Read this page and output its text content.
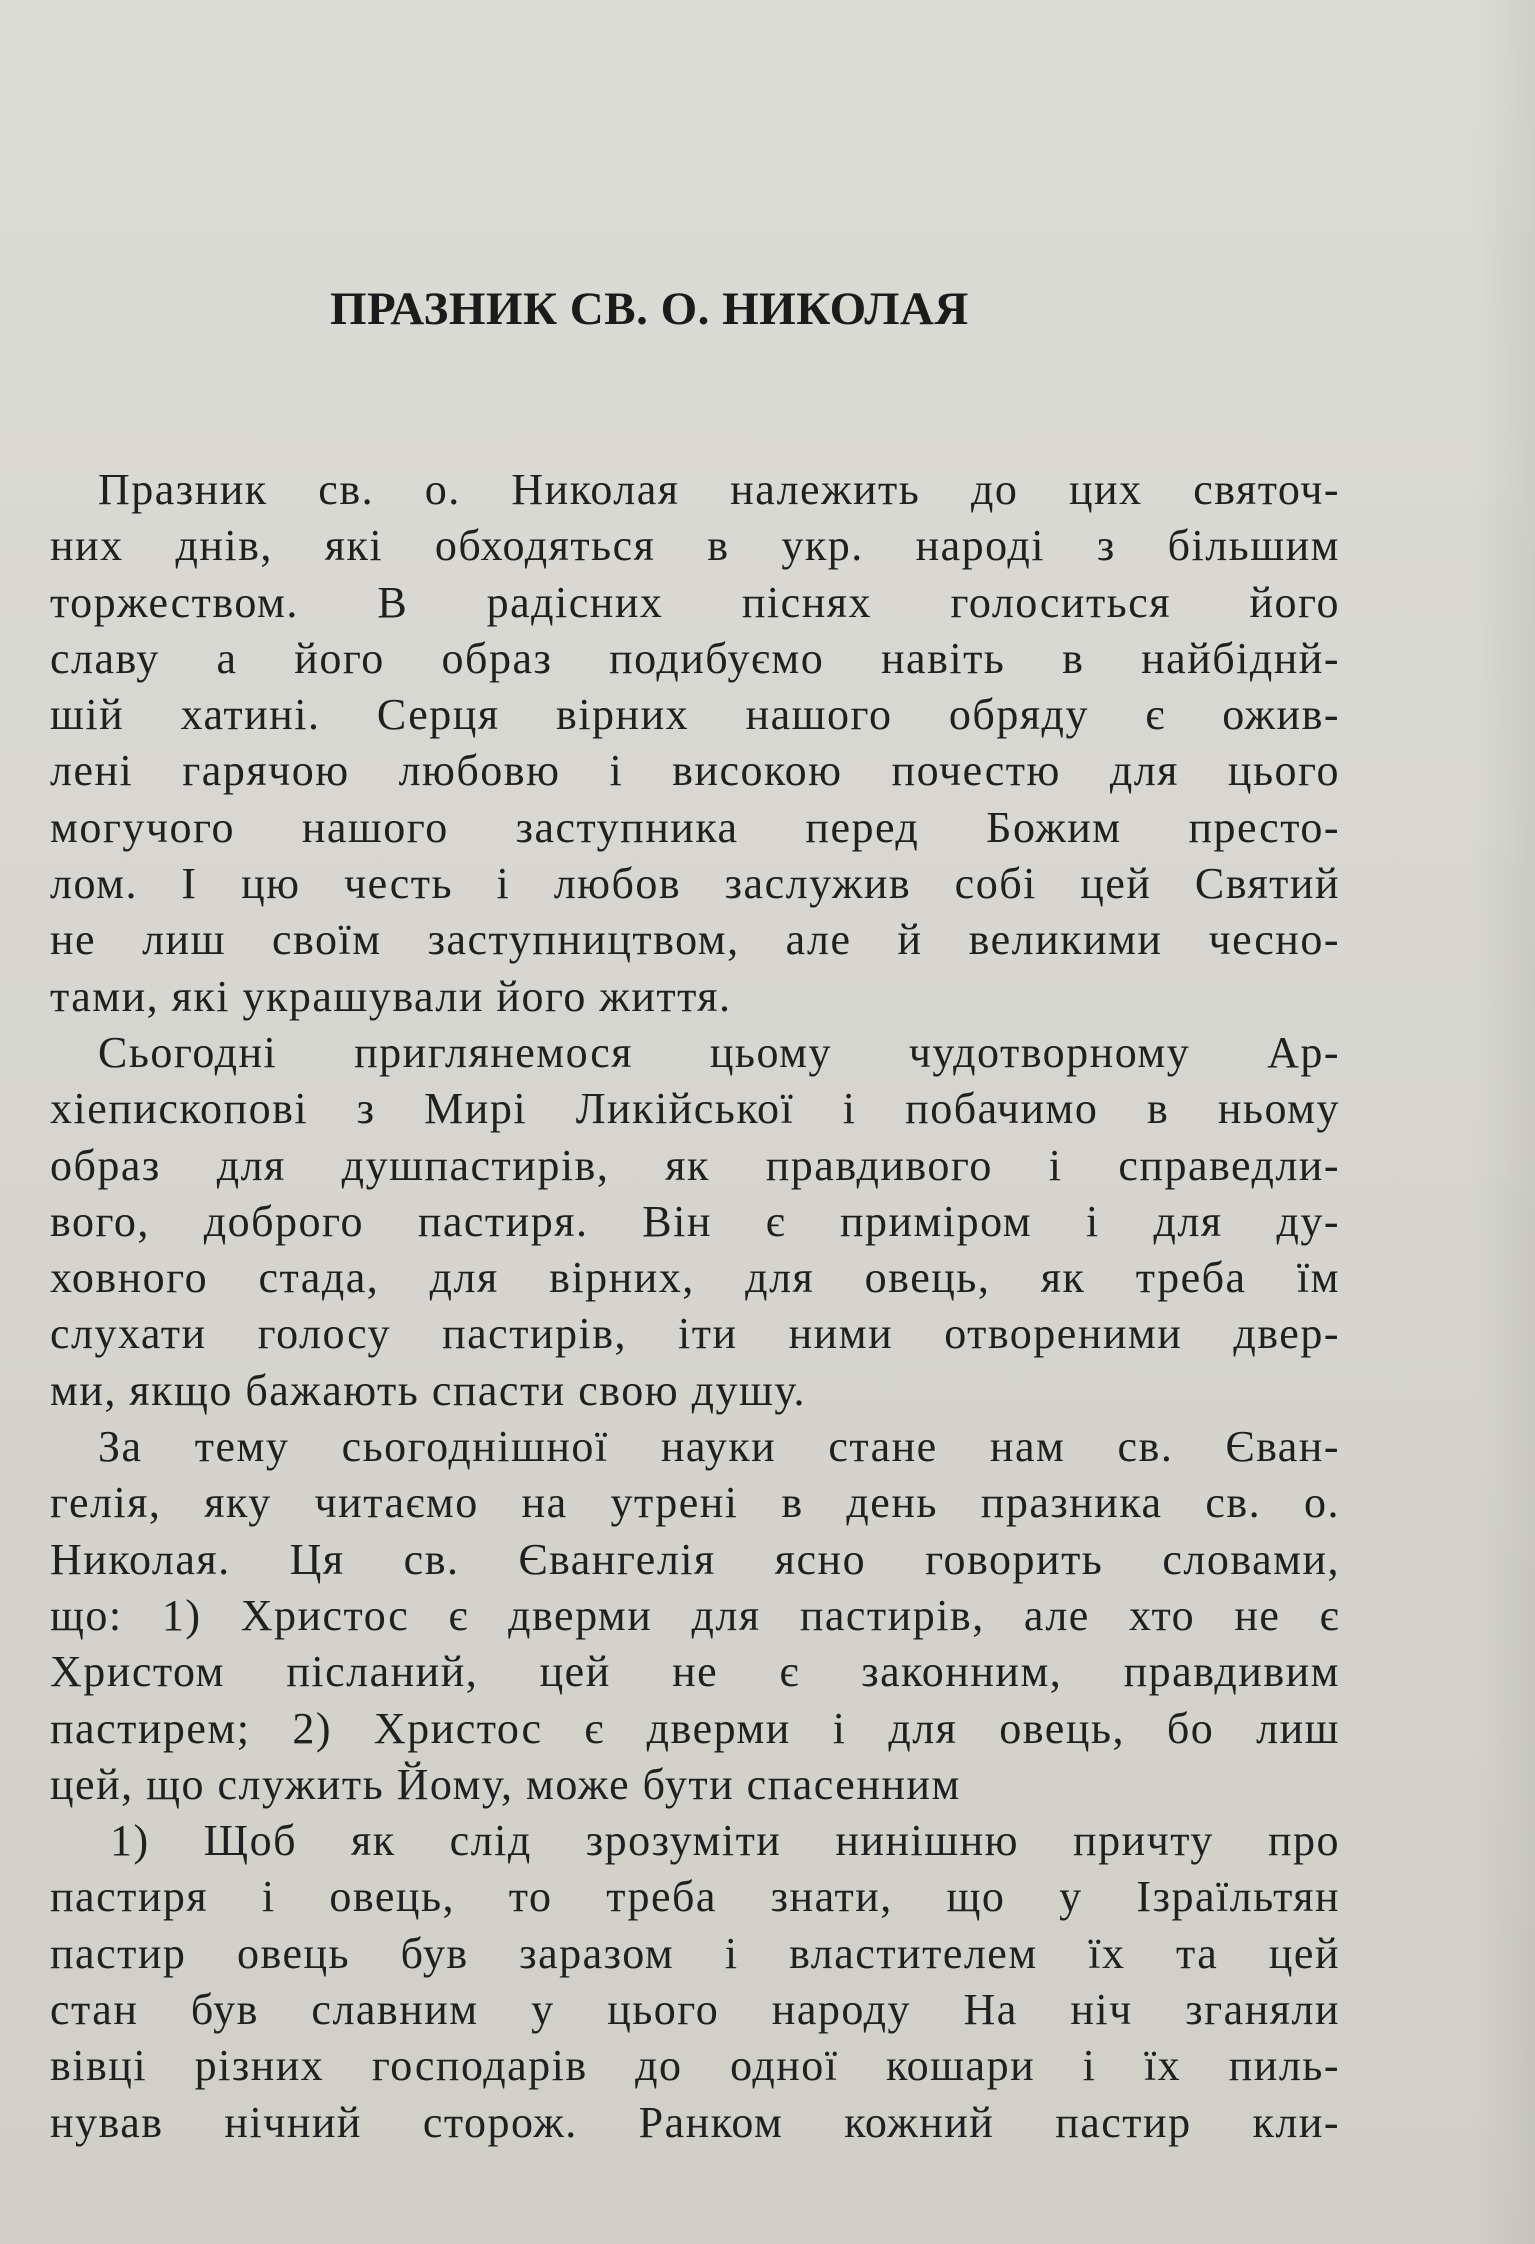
ПРАЗНИК СВ. О. НИКОЛАЯ
Празник св. о. Николая належить до цих святоч-
них днів, які обходяться в укр. народі з більшим
торжеством. В радісних піснях голоситься його
славу а його образ подибуємо навіть в найбіднй-
шій хатині. Серця вірних нашого обряду є ожив-
лені гарячою любовю і високою почестю для цього
могучого нашого заступника перед Божим престо-
лом. І цю честь і любов заслужив собі цей Святий
не лиш своїм заступництвом, але й великими чесно-
тами, які украшували його життя.
Сьогодні приглянемося цьому чудотворному Ар-
хіепископові з Мирі Ликійської і побачимо в ньому
образ для душпастирів, як правдивого і справедли-
вого, доброго пастиря. Він є приміром і для ду-
ховного стада, для вірних, для овець, як треба їм
слухати голосу пастирів, іти ними отвореними двер-
ми, якщо бажають спасти свою душу.
За тему сьогоднішної науки стане нам св. Єван-
гелія, яку читаємо на утрені в день празника св. о.
Николая. Ця св. Євангелія ясно говорить словами,
що: 1) Христос є дверми для пастирів, але хто не є
Христом післаний, цей не є законним, правдивим
пастирем; 2) Христос є дверми і для овець, бо лиш
цей, що служить Йому, може бути спасенним
1) Щоб як слід зрозуміти нинішню причту про
пастиря і овець, то треба знати, що у Ізраїльтян
пастир овець був заразом і властителем їх та цей
стан був славним у цього народу На ніч зганяли
вівці різних господарів до одної кошари і їх пиль-
нував нічний сторож. Ранком кожний пастир кли-
